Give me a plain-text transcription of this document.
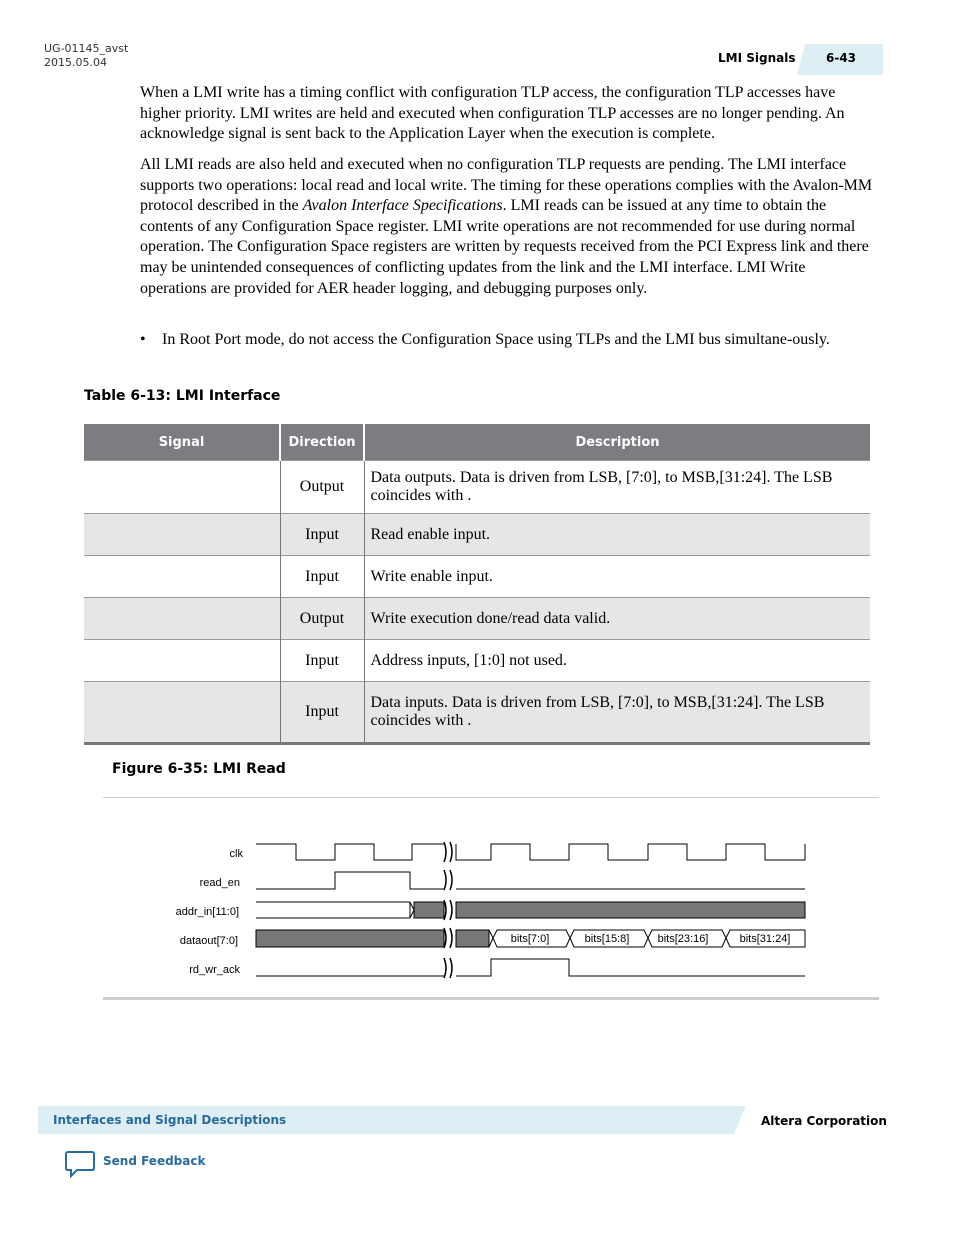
UG-01145_avst
2015.05.04	LMI Signals	6-43

When a LMI write has a timing conflict with configuration TLP access, the configuration TLP accesses have higher priority. LMI writes are held and executed when configuration TLP accesses are no longer pending. An acknowledge signal is sent back to the Application Layer when the execution is complete.

All LMI reads are also held and executed when no configuration TLP requests are pending. The LMI interface supports two operations: local read and local write. The timing for these operations complies with the Avalon-MM protocol described in the Avalon Interface Specifications. LMI reads can be issued at any time to obtain the contents of any Configuration Space register. LMI write operations are not recommended for use during normal operation. The Configuration Space registers are written by requests received from the PCI Express link and there may be unintended consequences of conflicting updates from the link and the LMI interface. LMI Write operations are provided for AER header logging, and debugging purposes only.

• In Root Port mode, do not access the Configuration Space using TLPs and the LMI bus simultane-ously.
Table 6-13: LMI Interface
Signal	Direction	Description
	Output	Data outputs. Data is driven from LSB, [7:0], to MSB,[31:24]. The LSB coincides with .
	Input	Read enable input.
	Input	Write enable input.
	Output	Write execution done/read data valid.
	Input	Address inputs, [1:0] not used.
	Input	Data inputs. Data is driven from LSB, [7:0], to MSB,[31:24]. The LSB coincides with .
Figure 6-35: LMI Read
clk
read_en
addr_in[11:0]
dataout[7:0]
rd_wr_ack
bits[7:0]	bits[15:8]	bits[23:16]	bits[31:24]
Interfaces and Signal Descriptions	Altera Corporation
Send Feedback
